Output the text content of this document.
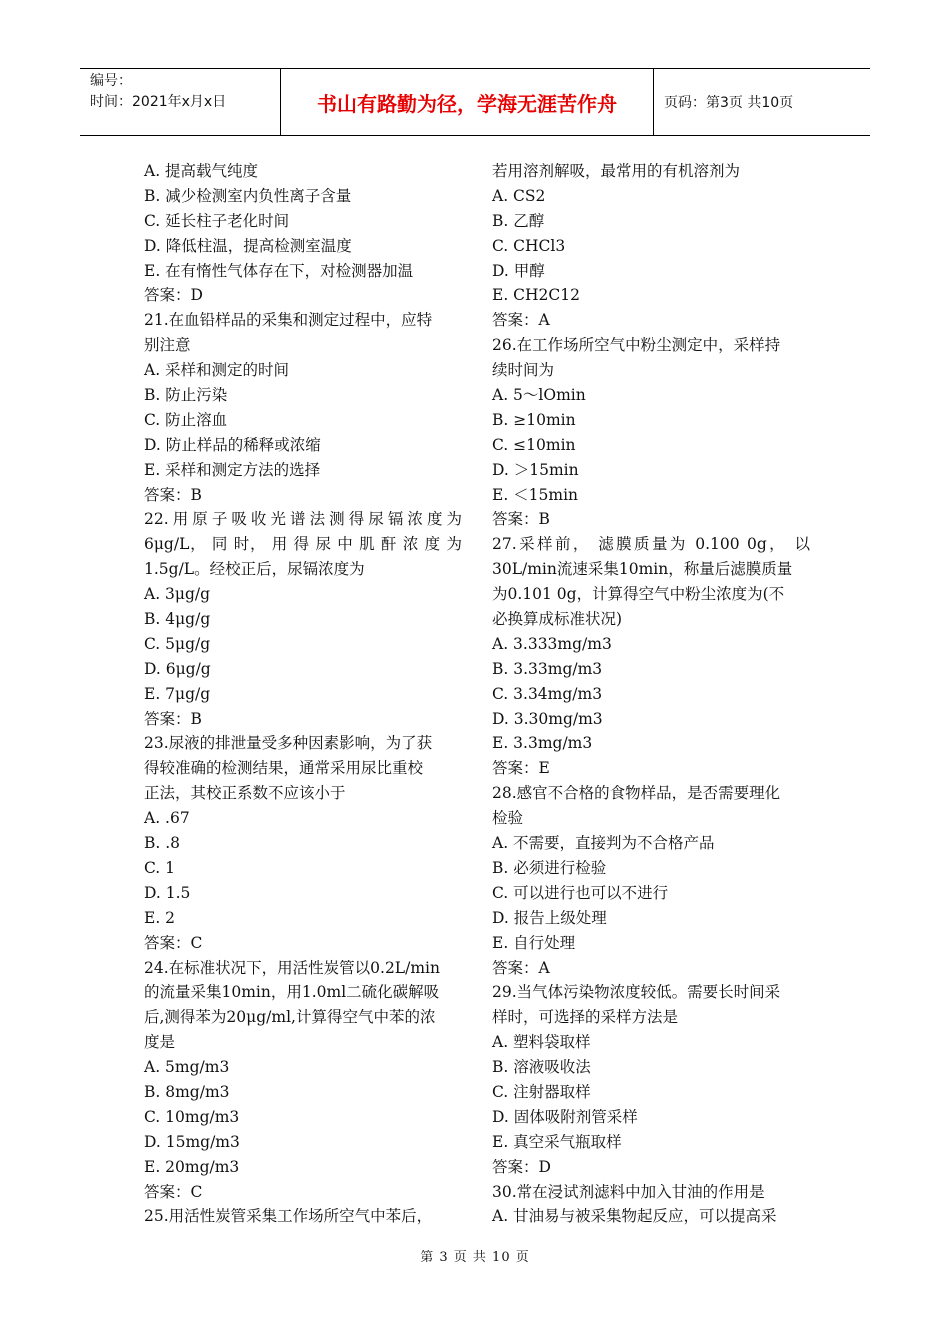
编号：
时间：2021年x月x日	书山有路勤为径，学海无涯苦作舟	页码：第3页 共10页
A. 提高载气纯度
B. 减少检测室内负性离子含量
C. 延长柱子老化时间
D. 降低柱温，提高检测室温度
E. 在有惰性气体存在下，对检测器加温
答案：D
21.在血铅样品的采集和测定过程中，应特
别注意
A. 采样和测定的时间
B. 防止污染
C. 防止溶血
D. 防止样品的稀释或浓缩
E. 采样和测定方法的选择
答案：B
22.用原子吸收光谱法测得尿镉浓度为
6μg/L， 同 时， 用 得 尿 中 肌 酐 浓 度 为
1.5g/L。经校正后，尿镉浓度为
A. 3μg/g
B. 4μg/g
C. 5μg/g
D. 6μg/g
E. 7μg/g
答案：B
23.尿液的排泄量受多种因素影响，为了获
得较准确的检测结果，通常采用尿比重校
正法，其校正系数不应该小于
A. .67
B. .8
C. 1
D. 1.5
E. 2
答案：C
24.在标准状况下，用活性炭管以0.2L/min
的流量采集10min，用1.0ml二硫化碳解吸
后,测得苯为20μg/ml,计算得空气中苯的浓
度是
A. 5mg/m3
B. 8mg/m3
C. 10mg/m3
D. 15mg/m3
E. 20mg/m3
答案：C
25.用活性炭管采集工作场所空气中苯后，
若用溶剂解吸，最常用的有机溶剂为
A. CS2
B. 乙醇
C. CHCl3
D. 甲醇
E. CH2C12
答案：A
26.在工作场所空气中粉尘测定中，采样持
续时间为
A. 5～lOmin
B. ≥10min
C. ≤10min
D. ＞15min
E. ＜15min
答案：B
27.采样前， 滤膜质量为 0.100 0g， 以
30L/min流速采集10min，称量后滤膜质量
为0.101 0g，计算得空气中粉尘浓度为(不
必换算成标准状况)
A. 3.333mg/m3
B. 3.33mg/m3
C. 3.34mg/m3
D. 3.30mg/m3
E. 3.3mg/m3
答案：E
28.感官不合格的食物样品，是否需要理化
检验
A. 不需要，直接判为不合格产品
B. 必须进行检验
C. 可以进行也可以不进行
D. 报告上级处理
E. 自行处理
答案：A
29.当气体污染物浓度较低。需要长时间采
样时，可选择的采样方法是
A. 塑料袋取样
B. 溶液吸收法
C. 注射器取样
D. 固体吸附剂管采样
E. 真空采气瓶取样
答案：D
30.常在浸试剂滤料中加入甘油的作用是
A. 甘油易与被采集物起反应，可以提高采
第 3 页 共 10 页
